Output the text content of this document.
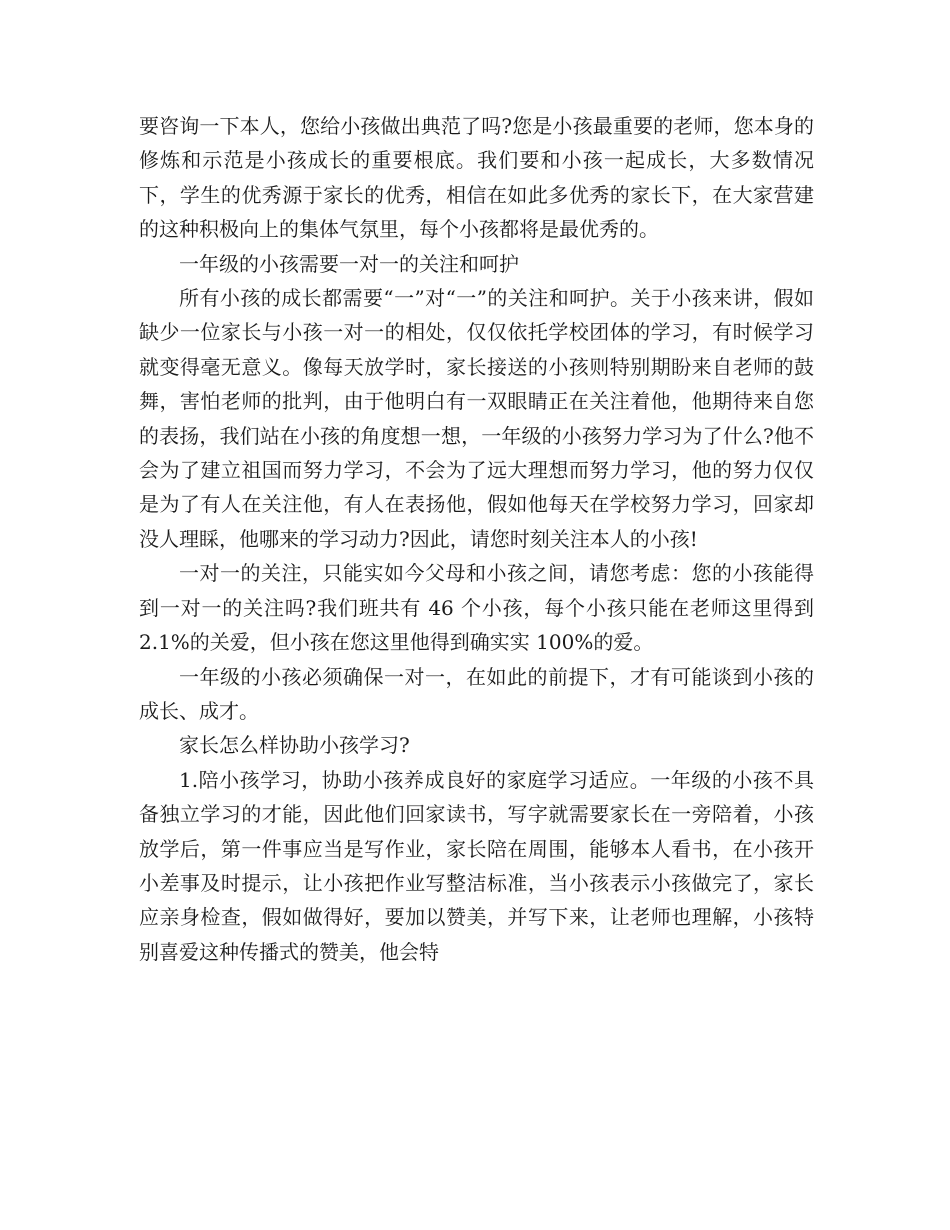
要咨询一下本人，您给小孩做出典范了吗?您是小孩最重要的老师，您本身的修炼和示范是小孩成长的重要根底。我们要和小孩一起成长，大多数情况下，学生的优秀源于家长的优秀，相信在如此多优秀的家长下，在大家营建的这种积极向上的集体气氛里，每个小孩都将是最优秀的。

一年级的小孩需要一对一的关注和呵护

所有小孩的成长都需要“一”对“一”的关注和呵护。关于小孩来讲，假如缺少一位家长与小孩一对一的相处，仅仅依托学校团体的学习，有时候学习就变得毫无意义。像每天放学时，家长接送的小孩则特别期盼来自老师的鼓舞，害怕老师的批判，由于他明白有一双眼睛正在关注着他，他期待来自您的表扬，我们站在小孩的角度想一想，一年级的小孩努力学习为了什么?他不会为了建立祖国而努力学习，不会为了远大理想而努力学习，他的努力仅仅是为了有人在关注他，有人在表扬他，假如他每天在学校努力学习，回家却没人理睬，他哪来的学习动力?因此，请您时刻关注本人的小孩!

一对一的关注，只能实如今父母和小孩之间，请您考虑：您的小孩能得到一对一的关注吗?我们班共有 46 个小孩，每个小孩只能在老师这里得到 2.1%的关爱，但小孩在您这里他得到确实实 100%的爱。

一年级的小孩必须确保一对一，在如此的前提下，才有可能谈到小孩的成长、成才。

家长怎么样协助小孩学习?

1.陪小孩学习，协助小孩养成良好的家庭学习适应。一年级的小孩不具备独立学习的才能，因此他们回家读书，写字就需要家长在一旁陪着，小孩放学后，第一件事应当是写作业，家长陪在周围，能够本人看书，在小孩开小差事及时提示，让小孩把作业写整洁标准，当小孩表示小孩做完了，家长应亲身检查，假如做得好，要加以赞美，并写下来，让老师也理解，小孩特别喜爱这种传播式的赞美，他会特
